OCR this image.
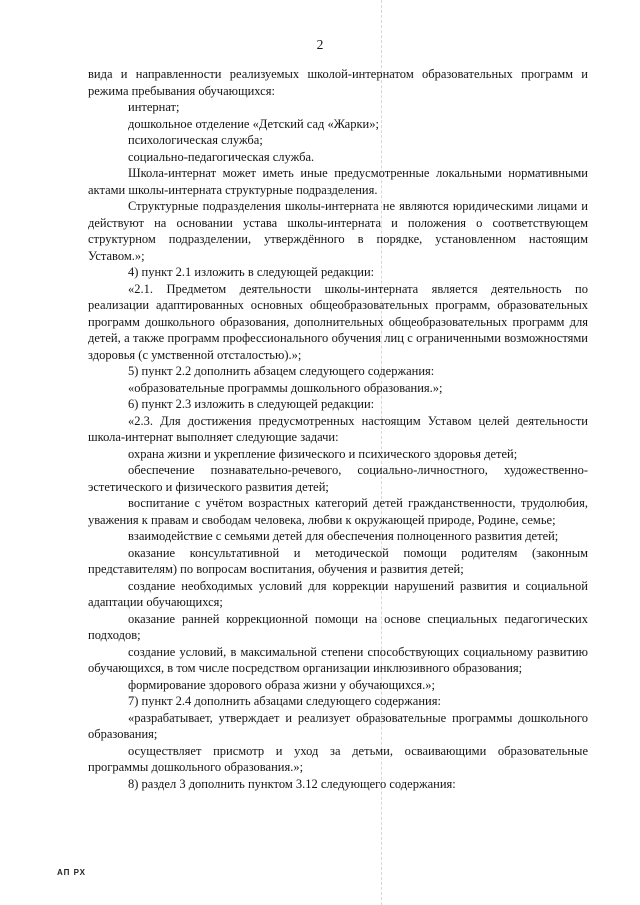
2

вида и направленности реализуемых школой-интернатом образовательных программ и режима пребывания обучающихся:

интернат;

дошкольное отделение «Детский сад «Жарки»;

психологическая служба;

социально-педагогическая служба.

Школа-интернат может иметь иные предусмотренные локальными нормативными актами школы-интерната структурные подразделения.

Структурные подразделения школы-интерната не являются юридическими лицами и действуют на основании устава школы-интерната и положения о соответствующем структурном подразделении, утверждённого в порядке, установленном настоящим Уставом.»;

4) пункт 2.1 изложить в следующей редакции:

«2.1. Предметом деятельности школы-интерната является деятельность по реализации адаптированных основных общеобразовательных программ, образовательных программ дошкольного образования, дополнительных общеобразовательных программ для детей, а также программ профессионального обучения лиц с ограниченными возможностями здоровья (с умственной отсталостью).»;

5) пункт 2.2 дополнить абзацем следующего содержания:

«образовательные программы дошкольного образования.»;

6) пункт 2.3 изложить в следующей редакции:

«2.3. Для достижения предусмотренных настоящим Уставом целей деятельности школа-интернат выполняет следующие задачи:

охрана жизни и укрепление физического и психического здоровья детей;

обеспечение познавательно-речевого, социально-личностного, художественно-эстетического и физического развития детей;

воспитание с учётом возрастных категорий детей гражданственности, трудолюбия, уважения к правам и свободам человека, любви к окружающей природе, Родине, семье;

взаимодействие с семьями детей для обеспечения полноценного развития детей;

оказание консультативной и методической помощи родителям (законным представителям) по вопросам воспитания, обучения и развития детей;

создание необходимых условий для коррекции нарушений развития и социальной адаптации обучающихся;

оказание ранней коррекционной помощи на основе специальных педагогических подходов;

создание условий, в максимальной степени способствующих социальному развитию обучающихся, в том числе посредством организации инклюзивного образования;

формирование здорового образа жизни у обучающихся.»;

7) пункт 2.4 дополнить абзацами следующего содержания:

«разрабатывает, утверждает и реализует образовательные программы дошкольного образования;

осуществляет присмотр и уход за детьми, осваивающими образовательные программы дошкольного образования.»;

8) раздел 3 дополнить пунктом 3.12 следующего содержания:

АП РХ
